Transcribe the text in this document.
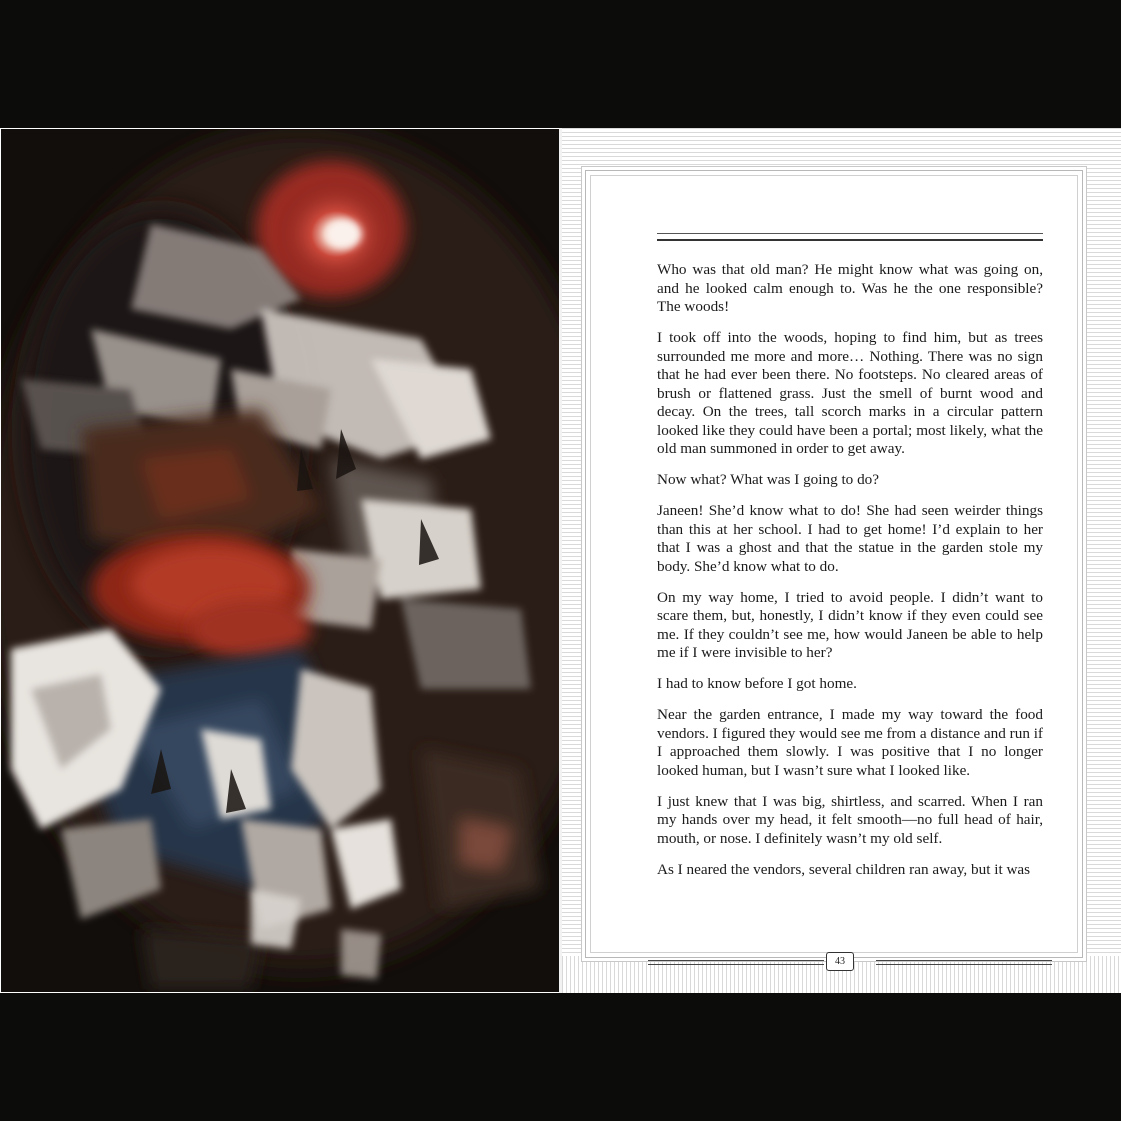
Who was that old man? He might know what was going on, and he looked calm enough to. Was he the one responsible? The woods!

I took off into the woods, hoping to find him, but as trees surrounded me more and more… Nothing. There was no sign that he had ever been there. No footsteps. No cleared areas of brush or flattened grass. Just the smell of burnt wood and decay. On the trees, tall scorch marks in a circular pattern looked like they could have been a portal; most likely, what the old man summoned in order to get away.

Now what? What was I going to do?

Janeen! She’d know what to do! She had seen weirder things than this at her school. I had to get home! I’d explain to her that I was a ghost and that the statue in the garden stole my body. She’d know what to do.

On my way home, I tried to avoid people. I didn’t want to scare them, but, honestly, I didn’t know if they even could see me. If they couldn’t see me, how would Janeen be able to help me if I were invisible to her?

I had to know before I got home.

Near the garden entrance, I made my way toward the food vendors. I figured they would see me from a distance and run if I approached them slowly. I was positive that I no longer looked human, but I wasn’t sure what I looked like.

I just knew that I was big, shirtless, and scarred. When I ran my hands over my head, it felt smooth—no full head of hair, mouth, or nose. I definitely wasn’t my old self.

As I neared the vendors, several children ran away, but it was

43
